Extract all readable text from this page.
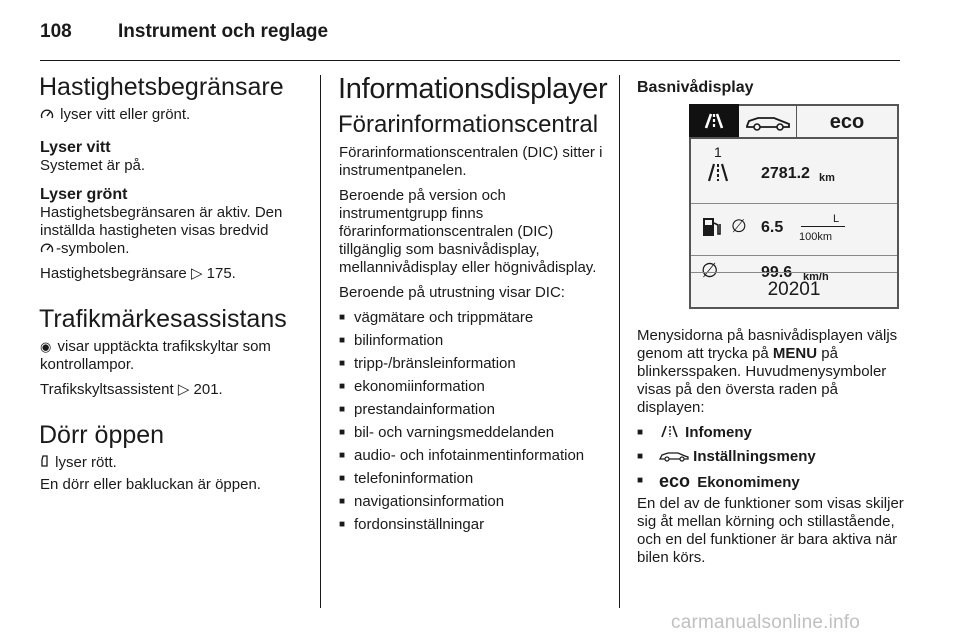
108	Instrument och reglage
Hastighetsbegränsare

lyser vitt eller grönt.

Lyser vitt

Systemet är på.

Lyser grönt

Hastighetsbegränsaren är aktiv. Den inställda hastigheten visas bredvid
-symbolen.

Hastighetsbegränsare ▷ 175.

Trafikmärkesassistans

◉ visar upptäckta trafikskyltar som kontrollampor.

Trafikskyltsassistent ▷ 201.

Dörr öppen

lyser rött.

En dörr eller bakluckan är öppen.

Informationsdisplayer
Förarinformationscentral

Förarinformationscentralen (DIC) sitter i instrumentpanelen.

Beroende på version och instrumentgrupp finns förarinformationscentralen (DIC) tillgänglig som basnivådisplay, mellannivådisplay eller högnivådisplay.

Beroende på utrustning visar DIC:

■ vägmätare och trippmätare
■ bilinformation
■ tripp-/bränsleinformation
■ ekonomiinformation
■ prestandainformation
■ bil- och varningsmeddelanden
■ audio- och infotainmentinformation
■ telefoninformation
■ navigationsinformation
■ fordonsinställningar
Basnivådisplay
eco
1
2781.2 km
∅ 6.5	L
100km
∅	99.6 km/h
20201

Menysidorna på basnivådisplayen väljs genom att trycka på MENU på blinkersspaken. Huvudmenysymboler visas på den översta raden på displayen:

■ Infomeny
■ Inställningsmeny
■ eco Ekonomimeny

En del av de funktioner som visas skiljer sig åt mellan körning och stillastående, och en del funktioner är bara aktiva när bilen körs.

carmanualsonline.info
